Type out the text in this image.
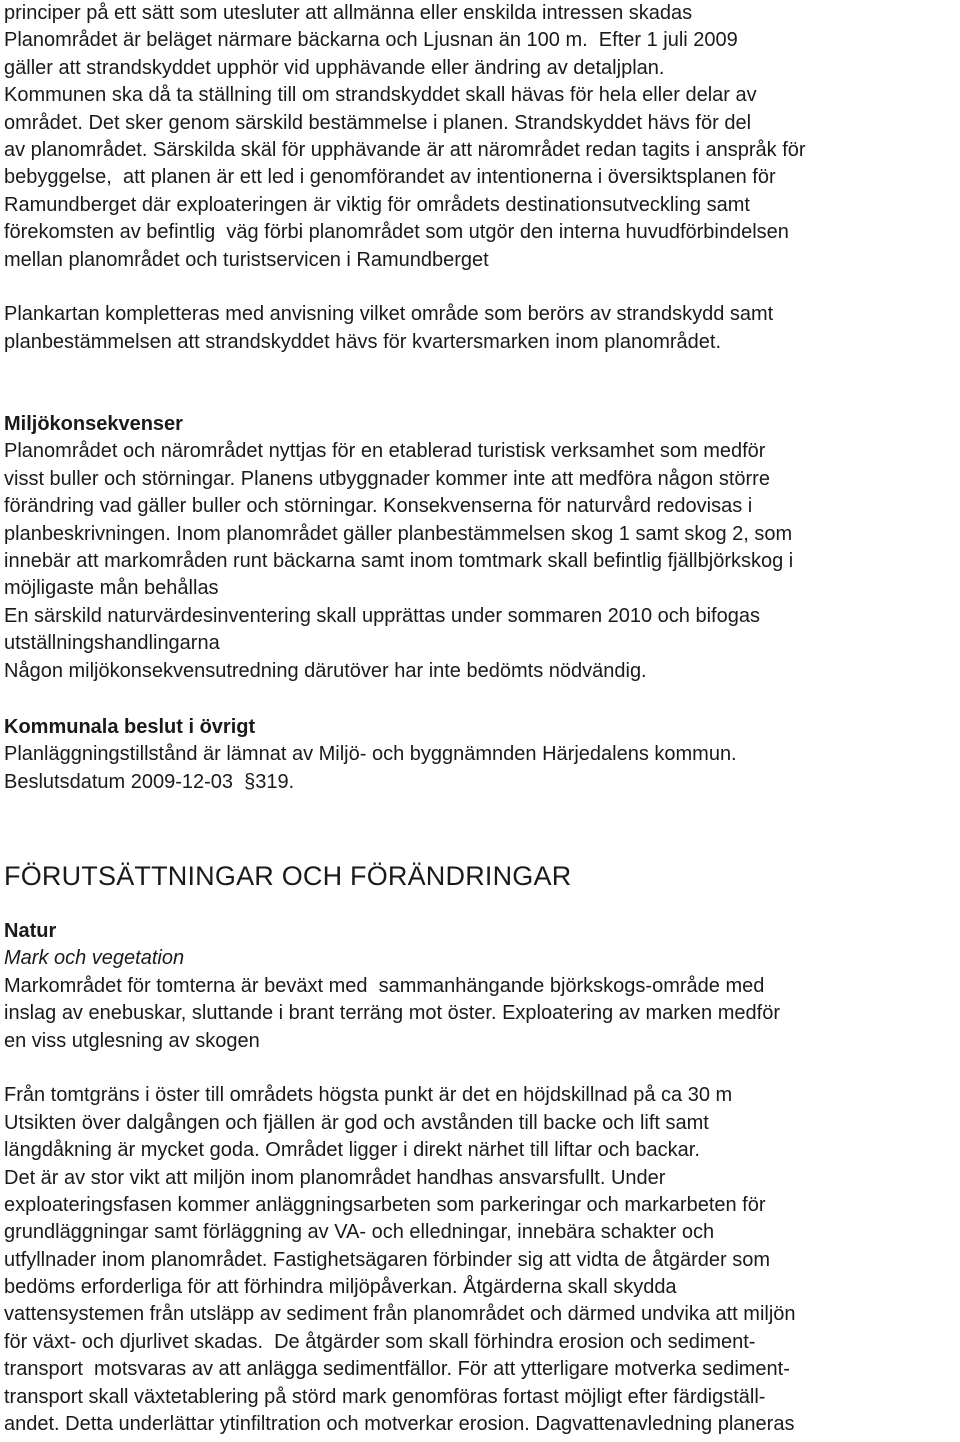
principer på ett sätt som utesluter att allmänna eller enskilda intressen skadas
Planområdet är beläget närmare bäckarna och Ljusnan än 100 m.  Efter 1 juli 2009
gäller att strandskyddet upphör vid upphävande eller ändring av detaljplan.
Kommunen ska då ta ställning till om strandskyddet skall hävas för hela eller delar av
området. Det sker genom särskild bestämmelse i planen. Strandskyddet hävs för del
av planområdet. Särskilda skäl för upphävande är att närområdet redan tagits i anspråk för
bebyggelse,  att planen är ett led i genomförandet av intentionerna i översiktsplanen för
Ramundberget där exploateringen är viktig för områdets destinationsutveckling samt
förekomsten av befintlig  väg förbi planområdet som utgör den interna huvudförbindelsen
mellan planområdet och turistservicen i Ramundberget
Plankartan kompletteras med anvisning vilket område som berörs av strandskydd samt
planbestämmelsen att strandskyddet hävs för kvartersmarken inom planområdet.
Miljökonsekvenser
Planområdet och närområdet nyttjas för en etablerad turistisk verksamhet som medför
visst buller och störningar. Planens utbyggnader kommer inte att medföra någon större
förändring vad gäller buller och störningar. Konsekvenserna för naturvård redovisas i
planbeskrivningen. Inom planområdet gäller planbestämmelsen skog 1 samt skog 2, som
innebär att markområden runt bäckarna samt inom tomtmark skall befintlig fjällbjörkskog i
möjligaste mån behållas
En särskild naturvärdesinventering skall upprättas under sommaren 2010 och bifogas
utställningshandlingarna
Någon miljökonsekvensutredning därutöver har inte bedömts nödvändig.
Kommunala beslut i övrigt
Planläggningstillstånd är lämnat av Miljö- och byggnämnden Härjedalens kommun.
Beslutsdatum 2009-12-03  §319.
FÖRUTSÄTTNINGAR OCH FÖRÄNDRINGAR
Natur
Mark och vegetation
Markområdet för tomterna är beväxt med  sammanhängande björkskogs-område med
inslag av enebuskar, sluttande i brant terräng mot öster. Exploatering av marken medför
en viss utglesning av skogen
Från tomtgräns i öster till områdets högsta punkt är det en höjdskillnad på ca 30 m
Utsikten över dalgången och fjällen är god och avstånden till backe och lift samt
längdåkning är mycket goda. Området ligger i direkt närhet till liftar och backar.
Det är av stor vikt att miljön inom planområdet handhas ansvarsfullt. Under
exploateringsfasen kommer anläggningsarbeten som parkeringar och markarbeten för
grundläggningar samt förläggning av VA- och elledningar, innebära schakter och
utfyllnader inom planområdet. Fastighetsägaren förbinder sig att vidta de åtgärder som
bedöms erforderliga för att förhindra miljöpåverkan. Åtgärderna skall skydda
vattensystemen från utsläpp av sediment från planområdet och därmed undvika att miljön
för växt- och djurlivet skadas.  De åtgärder som skall förhindra erosion och sediment-
transport  motsvaras av att anlägga sedimentfällor. För att ytterligare motverka sediment-
transport skall växtetablering på störd mark genomföras fortast möjligt efter färdigställ-
andet. Detta underlättar ytinfiltration och motverkar erosion. Dagvattenavledning planeras
